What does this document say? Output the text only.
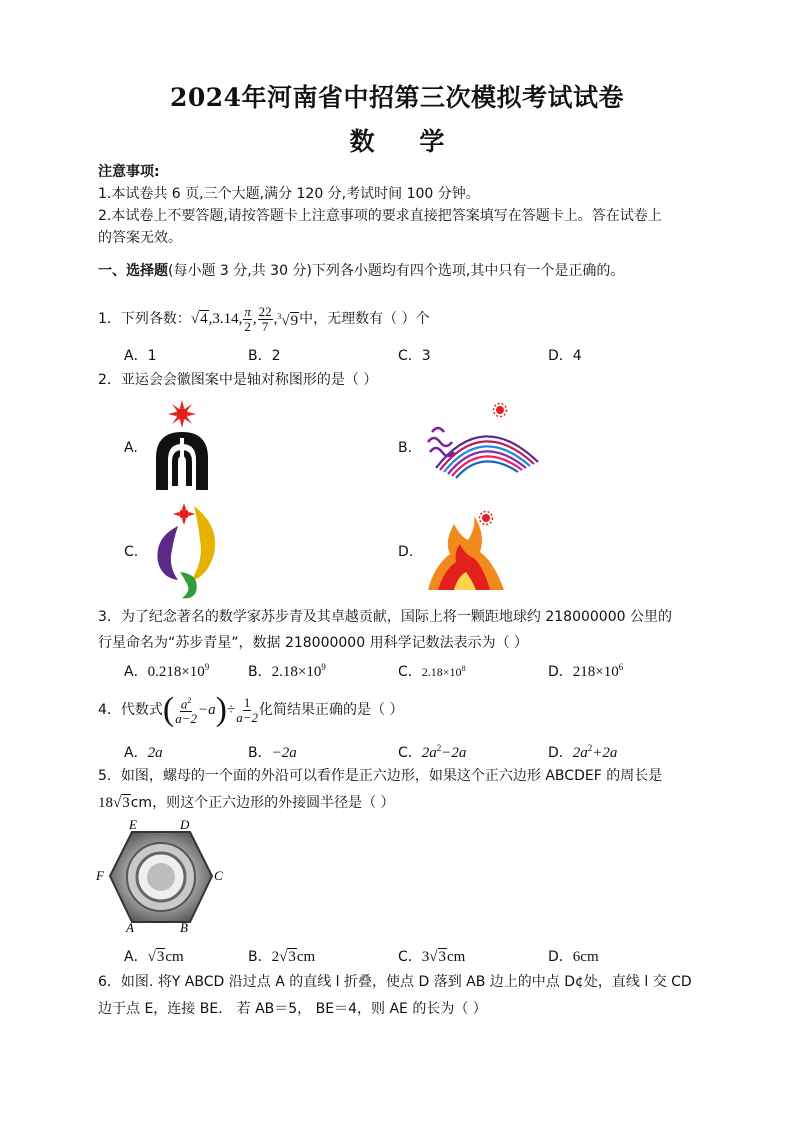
2024年河南省中招第三次模拟考试试卷
数 学
注意事项:
1.本试卷共 6 页,三个大题,满分 120 分,考试时间 100 分钟。
2.本试卷上不要答题,请按答题卡上注意事项的要求直接把答案填写在答题卡上。答在试卷上
的答案无效。
一、选择题(每小题 3 分,共 30 分)下列各小题均有四个选项,其中只有一个是正确的。
1．下列各数： √4 ,3.14, $\frac{\pi}{2}$ , $\frac{22}{7}$ , $^3$√9 中，无理数有（ ）个
A．1	B．2	C．3	D．4
2．亚运会会徽图案中是轴对称图形的是（ ）
A.	B.
C.	D.
3．为了纪念著名的数学家苏步青及其卓越贡献，国际上将一颗距地球约 218000000 公里的
行星命名为“苏步青星”，数据 218000000 用科学记数法表示为（ ）
A．$0.218\times 10^9$	B．$2.18\times 10^9$	C．$2.18\times 10^8$	D．$218\times 10^6$
4．代数式 ( $\frac{a^2}{a-2} -a$ ) ÷ $\frac{1}{a-2}$ 化简结果正确的是（ ）
A．2a	B．−2a	C．$2a^2-2a$	D．$2a^2+2a$
5．如图，螺母的一个面的外沿可以看作是正六边形，如果这个正六边形 ABCDEF 的周长是
18√3cm，则这个正六边形的外接圆半径是（ ）
E	D
F	C
A	B
A．√3cm	B．2√3cm	C．3√3cm	D．6cm
6．如图. 将Y ABCD 沿过点 A 的直线 l 折叠，使点 D 落到 AB 边上的中点 D¢处，直线 l 交 CD
边于点 E，连接 BE． 若 AB＝5， BE＝4，则 AE 的长为（ ）
